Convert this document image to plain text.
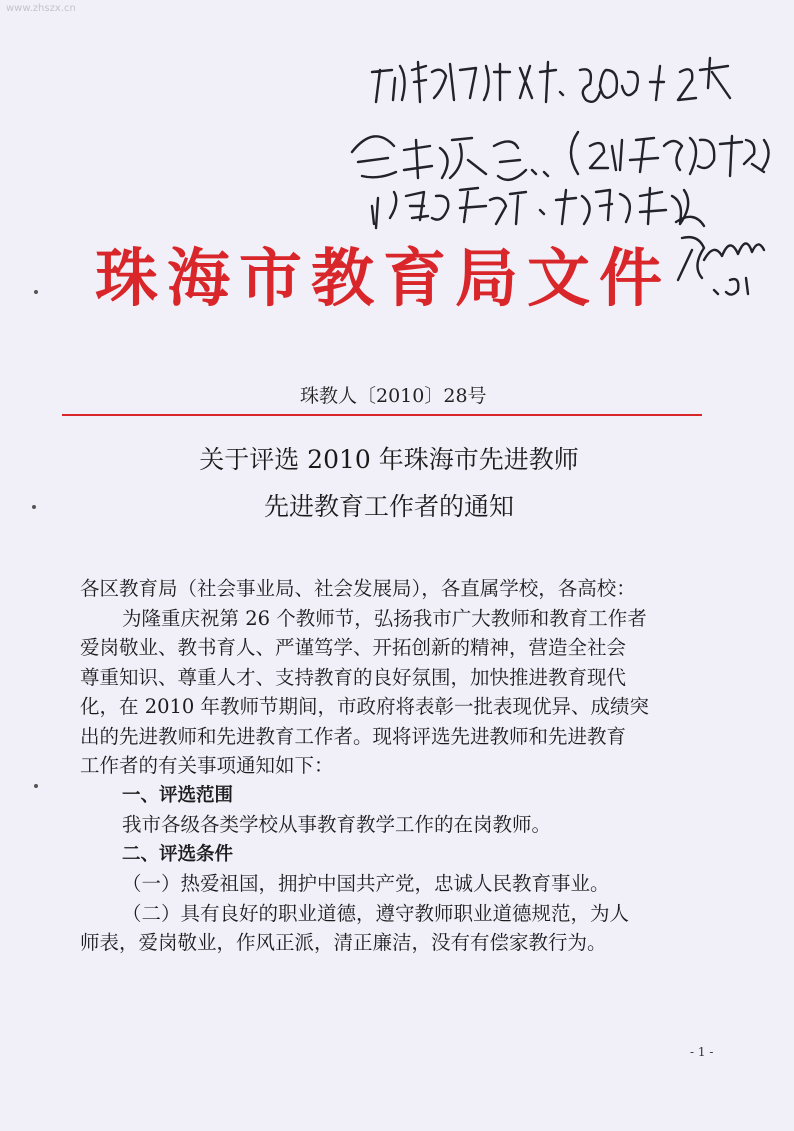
www.zhszx.cn
珠海市教育局文件
珠教人〔2010〕28号
关于评选 2010 年珠海市先进教师
先进教育工作者的通知
各区教育局（社会事业局、社会发展局），各直属学校，各高校：
为隆重庆祝第 26 个教师节，弘扬我市广大教师和教育工作者
爱岗敬业、教书育人、严谨笃学、开拓创新的精神，营造全社会
尊重知识、尊重人才、支持教育的良好氛围，加快推进教育现代
化，在 2010 年教师节期间，市政府将表彰一批表现优异、成绩突
出的先进教师和先进教育工作者。现将评选先进教师和先进教育
工作者的有关事项通知如下：
一、评选范围
我市各级各类学校从事教育教学工作的在岗教师。
二、评选条件
（一）热爱祖国，拥护中国共产党，忠诚人民教育事业。
（二）具有良好的职业道德，遵守教师职业道德规范，为人
师表，爱岗敬业，作风正派，清正廉洁，没有有偿家教行为。
- 1 -
